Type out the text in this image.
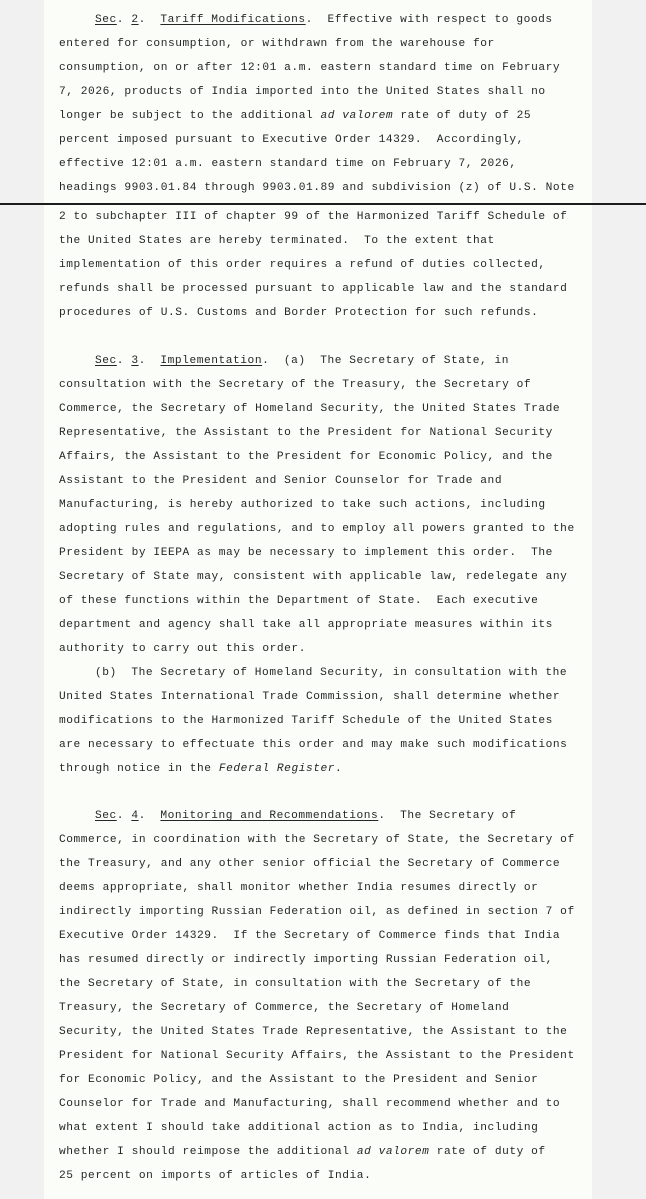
Sec. 2.  Tariff Modifications.  Effective with respect to goods
entered for consumption, or withdrawn from the warehouse for
consumption, on or after 12:01 a.m. eastern standard time on February
7, 2026, products of India imported into the United States shall no
longer be subject to the additional ad valorem rate of duty of 25
percent imposed pursuant to Executive Order 14329.  Accordingly,
effective 12:01 a.m. eastern standard time on February 7, 2026,
headings 9903.01.84 through 9903.01.89 and subdivision (z) of U.S. Note
2 to subchapter III of chapter 99 of the Harmonized Tariff Schedule of
the United States are hereby terminated.  To the extent that
implementation of this order requires a refund of duties collected,
refunds shall be processed pursuant to applicable law and the standard
procedures of U.S. Customs and Border Protection for such refunds.
Sec. 3.  Implementation.  (a)  The Secretary of State, in
consultation with the Secretary of the Treasury, the Secretary of
Commerce, the Secretary of Homeland Security, the United States Trade
Representative, the Assistant to the President for National Security
Affairs, the Assistant to the President for Economic Policy, and the
Assistant to the President and Senior Counselor for Trade and
Manufacturing, is hereby authorized to take such actions, including
adopting rules and regulations, and to employ all powers granted to the
President by IEEPA as may be necessary to implement this order.  The
Secretary of State may, consistent with applicable law, redelegate any
of these functions within the Department of State.  Each executive
department and agency shall take all appropriate measures within its
authority to carry out this order.
(b)  The Secretary of Homeland Security, in consultation with the
United States International Trade Commission, shall determine whether
modifications to the Harmonized Tariff Schedule of the United States
are necessary to effectuate this order and may make such modifications
through notice in the Federal Register.
Sec. 4.  Monitoring and Recommendations.  The Secretary of
Commerce, in coordination with the Secretary of State, the Secretary of
the Treasury, and any other senior official the Secretary of Commerce
deems appropriate, shall monitor whether India resumes directly or
indirectly importing Russian Federation oil, as defined in section 7 of
Executive Order 14329.  If the Secretary of Commerce finds that India
has resumed directly or indirectly importing Russian Federation oil,
the Secretary of State, in consultation with the Secretary of the
Treasury, the Secretary of Commerce, the Secretary of Homeland
Security, the United States Trade Representative, the Assistant to the
President for National Security Affairs, the Assistant to the President
for Economic Policy, and the Assistant to the President and Senior
Counselor for Trade and Manufacturing, shall recommend whether and to
what extent I should take additional action as to India, including
whether I should reimpose the additional ad valorem rate of duty of
25 percent on imports of articles of India.
